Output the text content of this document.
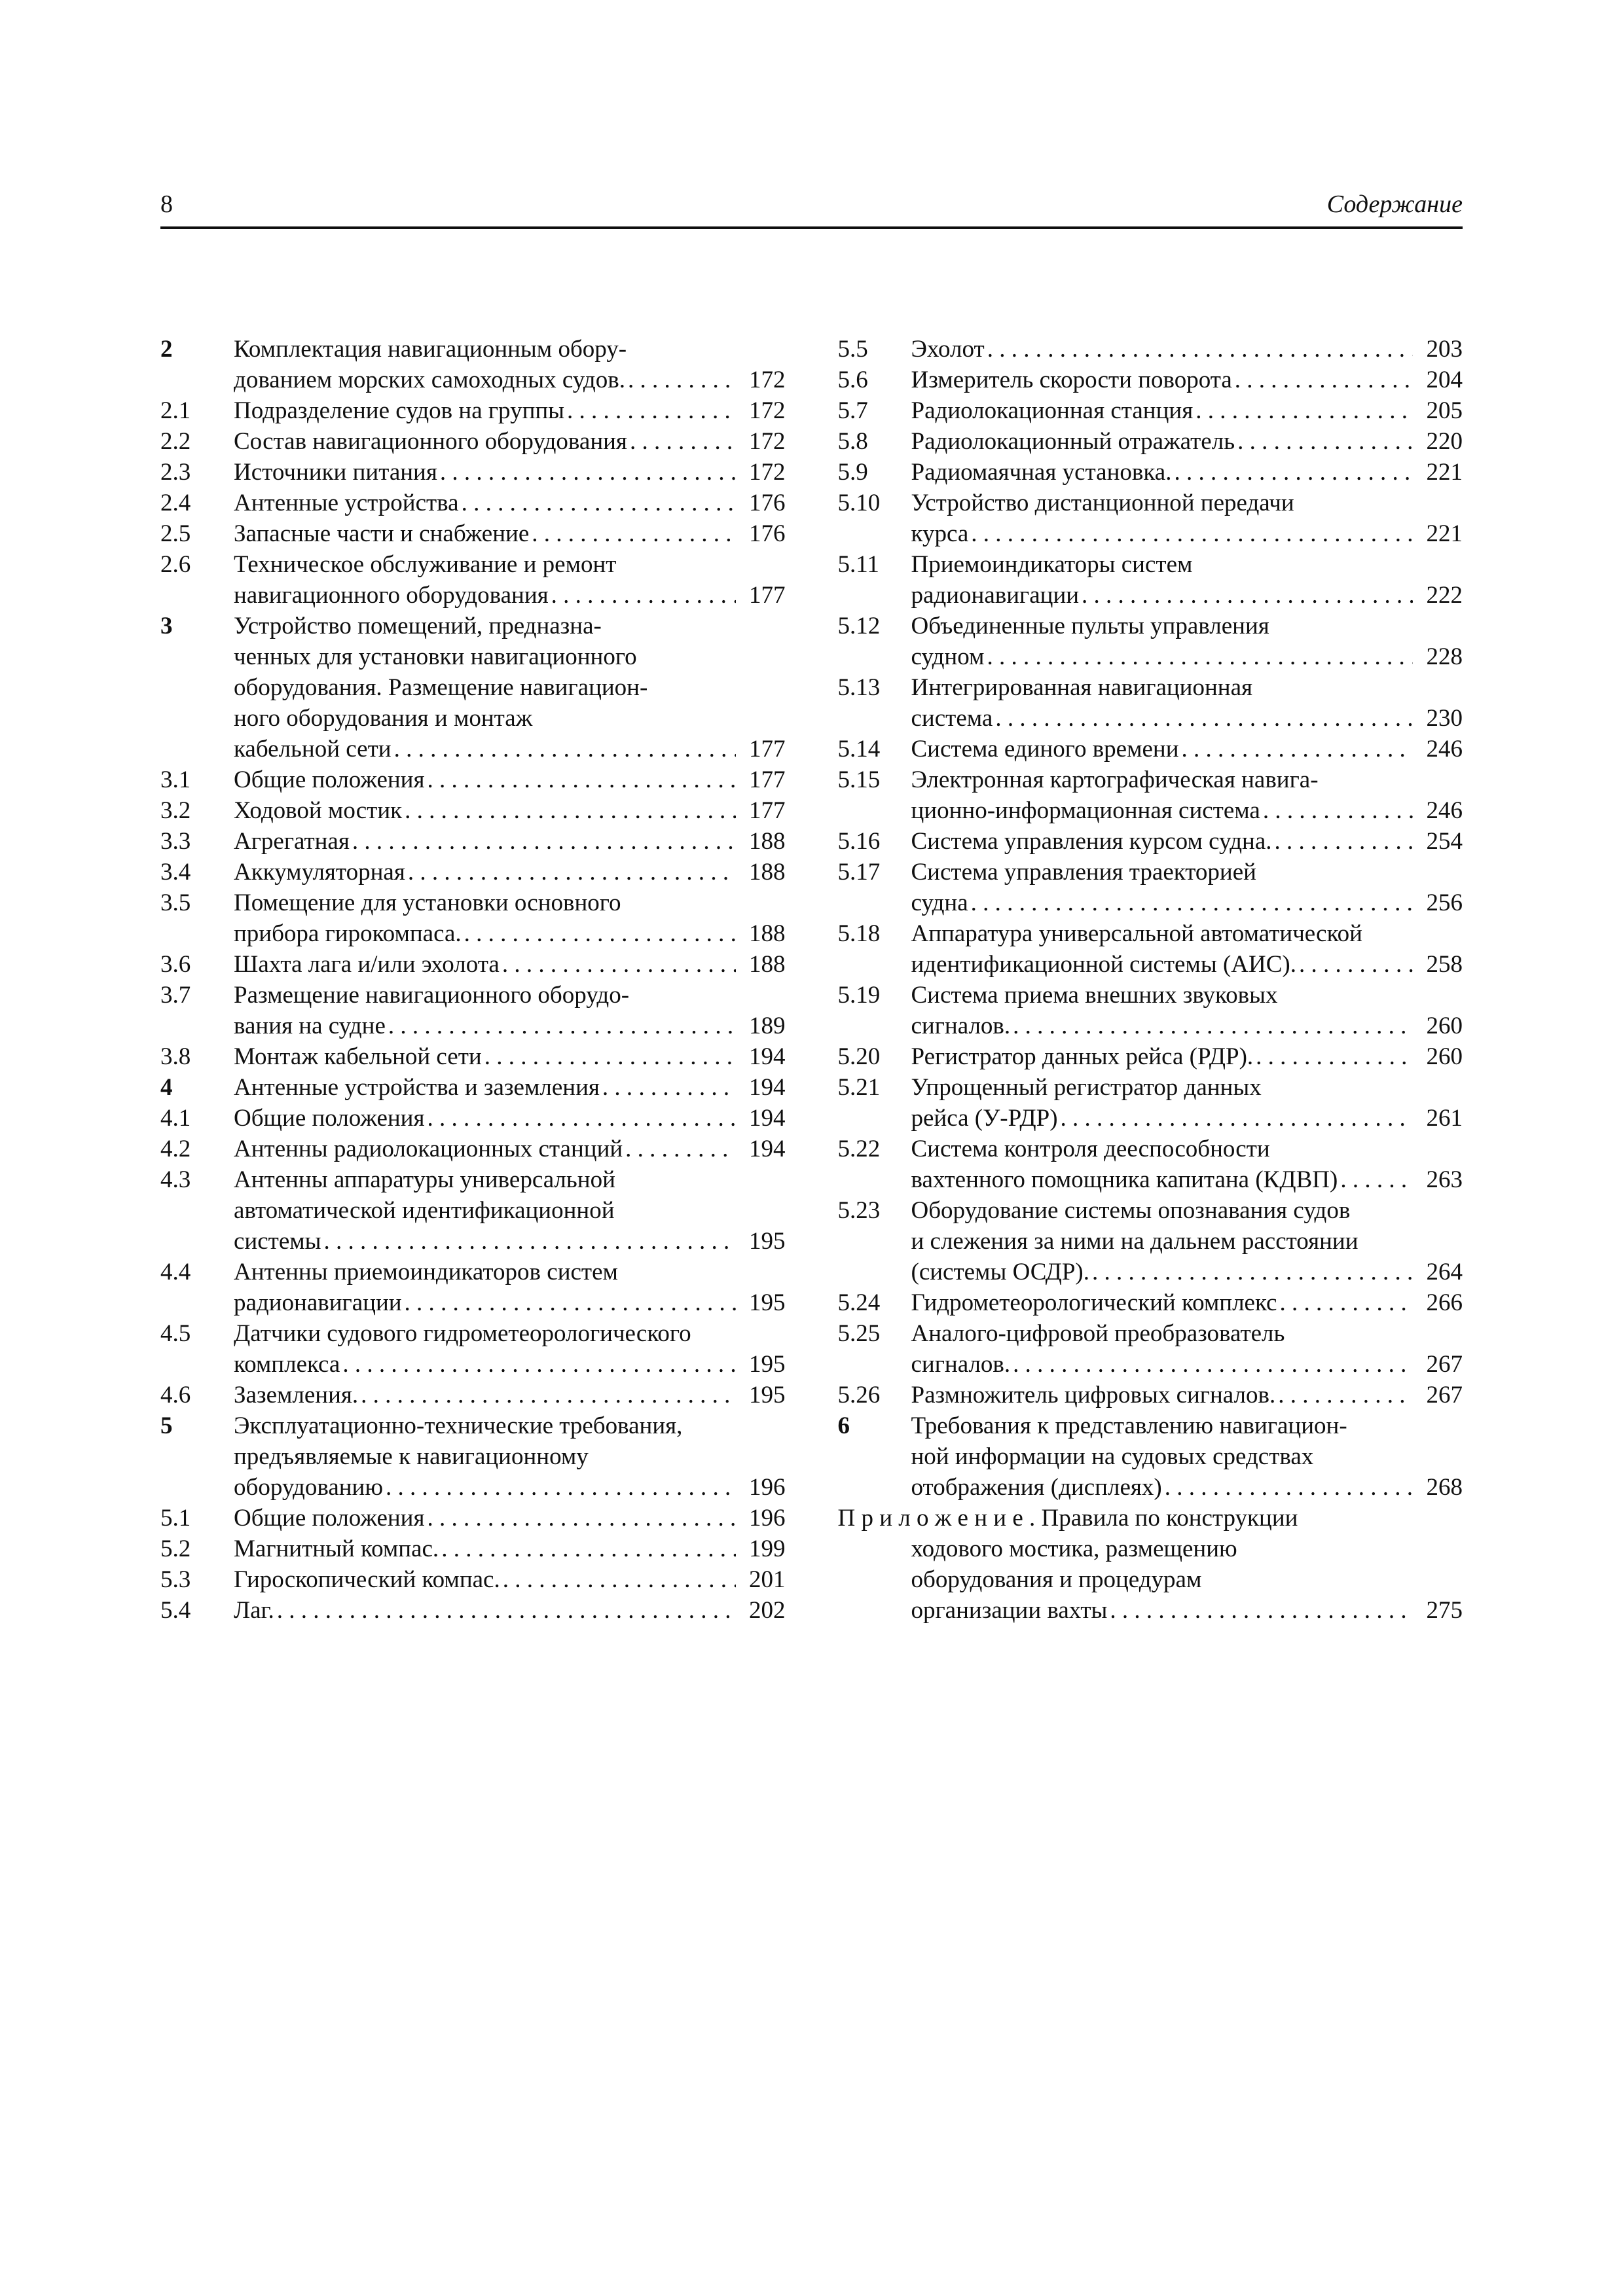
8	Содержание
2	Комплектация навигационным обору-
дованием морских самоходных судов. . . .	172
2.1	Подразделение судов на группы . . .	172
2.2	Состав навигационного оборудования . . .	172
2.3	Источники питания . . .	172
2.4	Антенные устройства . . .	176
2.5	Запасные части и снабжение . . .	176
2.6	Техническое обслуживание и ремонт
навигационного оборудования . . .	177
3	Устройство помещений, предназна-
ченных для установки навигационного
оборудования. Размещение навигацион-
ного оборудования и монтаж
кабельной сети . . .	177
3.1	Общие положения . . .	177
3.2	Ходовой мостик . . .	177
3.3	Агрегатная . . .	188
3.4	Аккумуляторная . . .	188
3.5	Помещение для установки основного
прибора гирокомпаса. . . .	188
3.6	Шахта лага и/или эхолота . . .	188
3.7	Размещение навигационного оборудо-
вания на судне . . .	189
3.8	Монтаж кабельной сети . . .	194
4	Антенные устройства и заземления . . .	194
4.1	Общие положения . . .	194
4.2	Антенны радиолокационных станций . . .	194
4.3	Антенны аппаратуры универсальной
автоматической идентификационной
системы . . .	195
4.4	Антенны приемоиндикаторов систем
радионавигации . . .	195
4.5	Датчики судового гидрометеорологического
комплекса . . .	195
4.6	Заземления. . . .	195
5	Эксплуатационно-технические требования,
предъявляемые к навигационному
оборудованию . . .	196
5.1	Общие положения . . .	196
5.2	Магнитный компас. . . .	199
5.3	Гироскопический компас. . . .	201
5.4	Лаг. . . .	202
5.5	Эхолот . . .	203
5.6	Измеритель скорости поворота . . .	204
5.7	Радиолокационная станция . . .	205
5.8	Радиолокационный отражатель . . .	220
5.9	Радиомаячная установка. . . .	221
5.10	Устройство дистанционной передачи
курса . . .	221
5.11	Приемоиндикаторы систем
радионавигации . . .	222
5.12	Объединенные пульты управления
судном . . .	228
5.13	Интегрированная навигационная
система . . .	230
5.14	Система единого времени . . .	246
5.15	Электронная картографическая навига-
ционно-информационная система . . .	246
5.16	Система управления курсом судна. . . .	254
5.17	Система управления траекторией
судна . . .	256
5.18	Аппаратура универсальной автоматической
идентификационной системы (АИС). . . .	258
5.19	Система приема внешних звуковых
сигналов. . . .	260
5.20	Регистратор данных рейса (РДР). . . .	260
5.21	Упрощенный регистратор данных
рейса (У-РДР) . . .	261
5.22	Система контроля дееспособности
вахтенного помощника капитана (КДВП) . . .	263
5.23	Оборудование системы опознавания судов
и слежения за ними на дальнем расстоянии
(системы ОСДР). . . .	264
5.24	Гидрометеорологический комплекс . . .	266
5.25	Аналого-цифровой преобразователь
сигналов. . . .	267
5.26	Размножитель цифровых сигналов. . . .	267
6	Требования к представлению навигацион-
ной информации на судовых средствах
отображения (дисплеях) . . .	268
П р и л о ж е н и е . Правила по конструкции
ходового мостика, размещению
оборудования и процедурам
организации вахты . . .	275
